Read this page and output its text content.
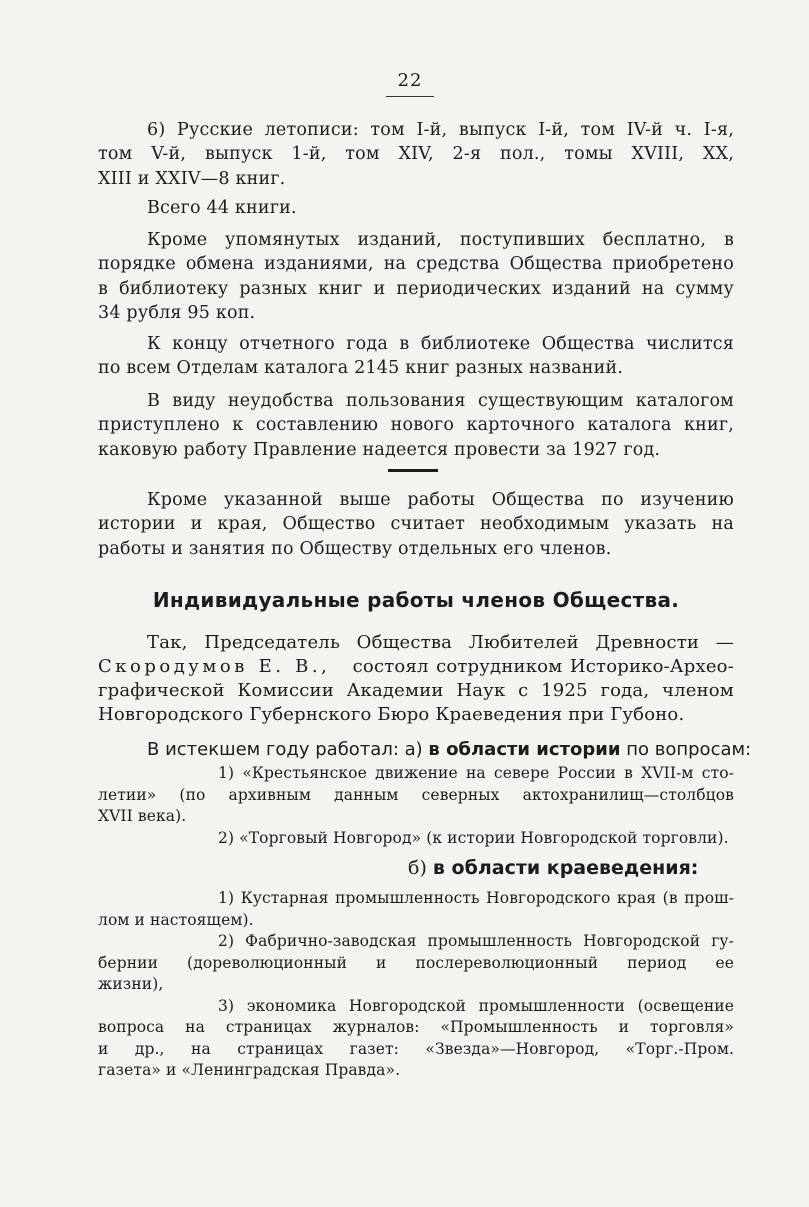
22
6) Русские летописи: том I-й, выпуск I-й, том IV-й ч. I-я,
том V-й, выпуск 1-й, том XIV, 2-я пол., томы XVIII, XX,
XIII и XXIV—8 книг.
Всего 44 книги.
Кроме упомянутых изданий, поступивших бесплатно, в
порядке обмена изданиями, на средства Общества приобретено
в библиотеку разных книг и периодических изданий на сумму
34 рубля 95 коп.
К концу отчетного года в библиотеке Общества числится
по всем Отделам каталога 2145 книг разных названий.
В виду неудобства пользования существующим каталогом
приступлено к составлению нового карточного каталога книг,
каковую работу Правление надеется провести за 1927 год.
Кроме указанной выше работы Общества по изучению
истории и края, Общество считает необходимым указать на
работы и занятия по Обществу отдельных его членов.
Индивидуальные работы членов Общества.
Так, Председатель Общества Любителей Древности —
Скородумов Е. В., состоял сотрудником Историко-Археo-
графической Комиссии Академии Наук с 1925 года, членом
Новгородского Губернского Бюро Краеведения при Губоно.
В истекшем году работал: а) в области истории по вопросам:
1) «Крестьянское движение на севере России в XVII-м сто-
летии» (по архивным данным северных актохранилищ—столбцов
XVII века).
2) «Торговый Новгород» (к истории Новгородской торговли).
б) в области краеведения:
1) Кустарная промышленность Новгородского края (в прош-
лом и настоящем).
2) Фабрично-заводская промышленность Новгородской гу-
бернии (дореволюционный и послереволюционный период ее
жизни),
3) экономика Новгородской промышленности (освещение
вопроса на страницах журналов: «Промышленность и торговля»
и др., на страницах газет: «Звезда»—Новгород, «Торг.-Пром.
газета» и «Ленинградская Правда».
